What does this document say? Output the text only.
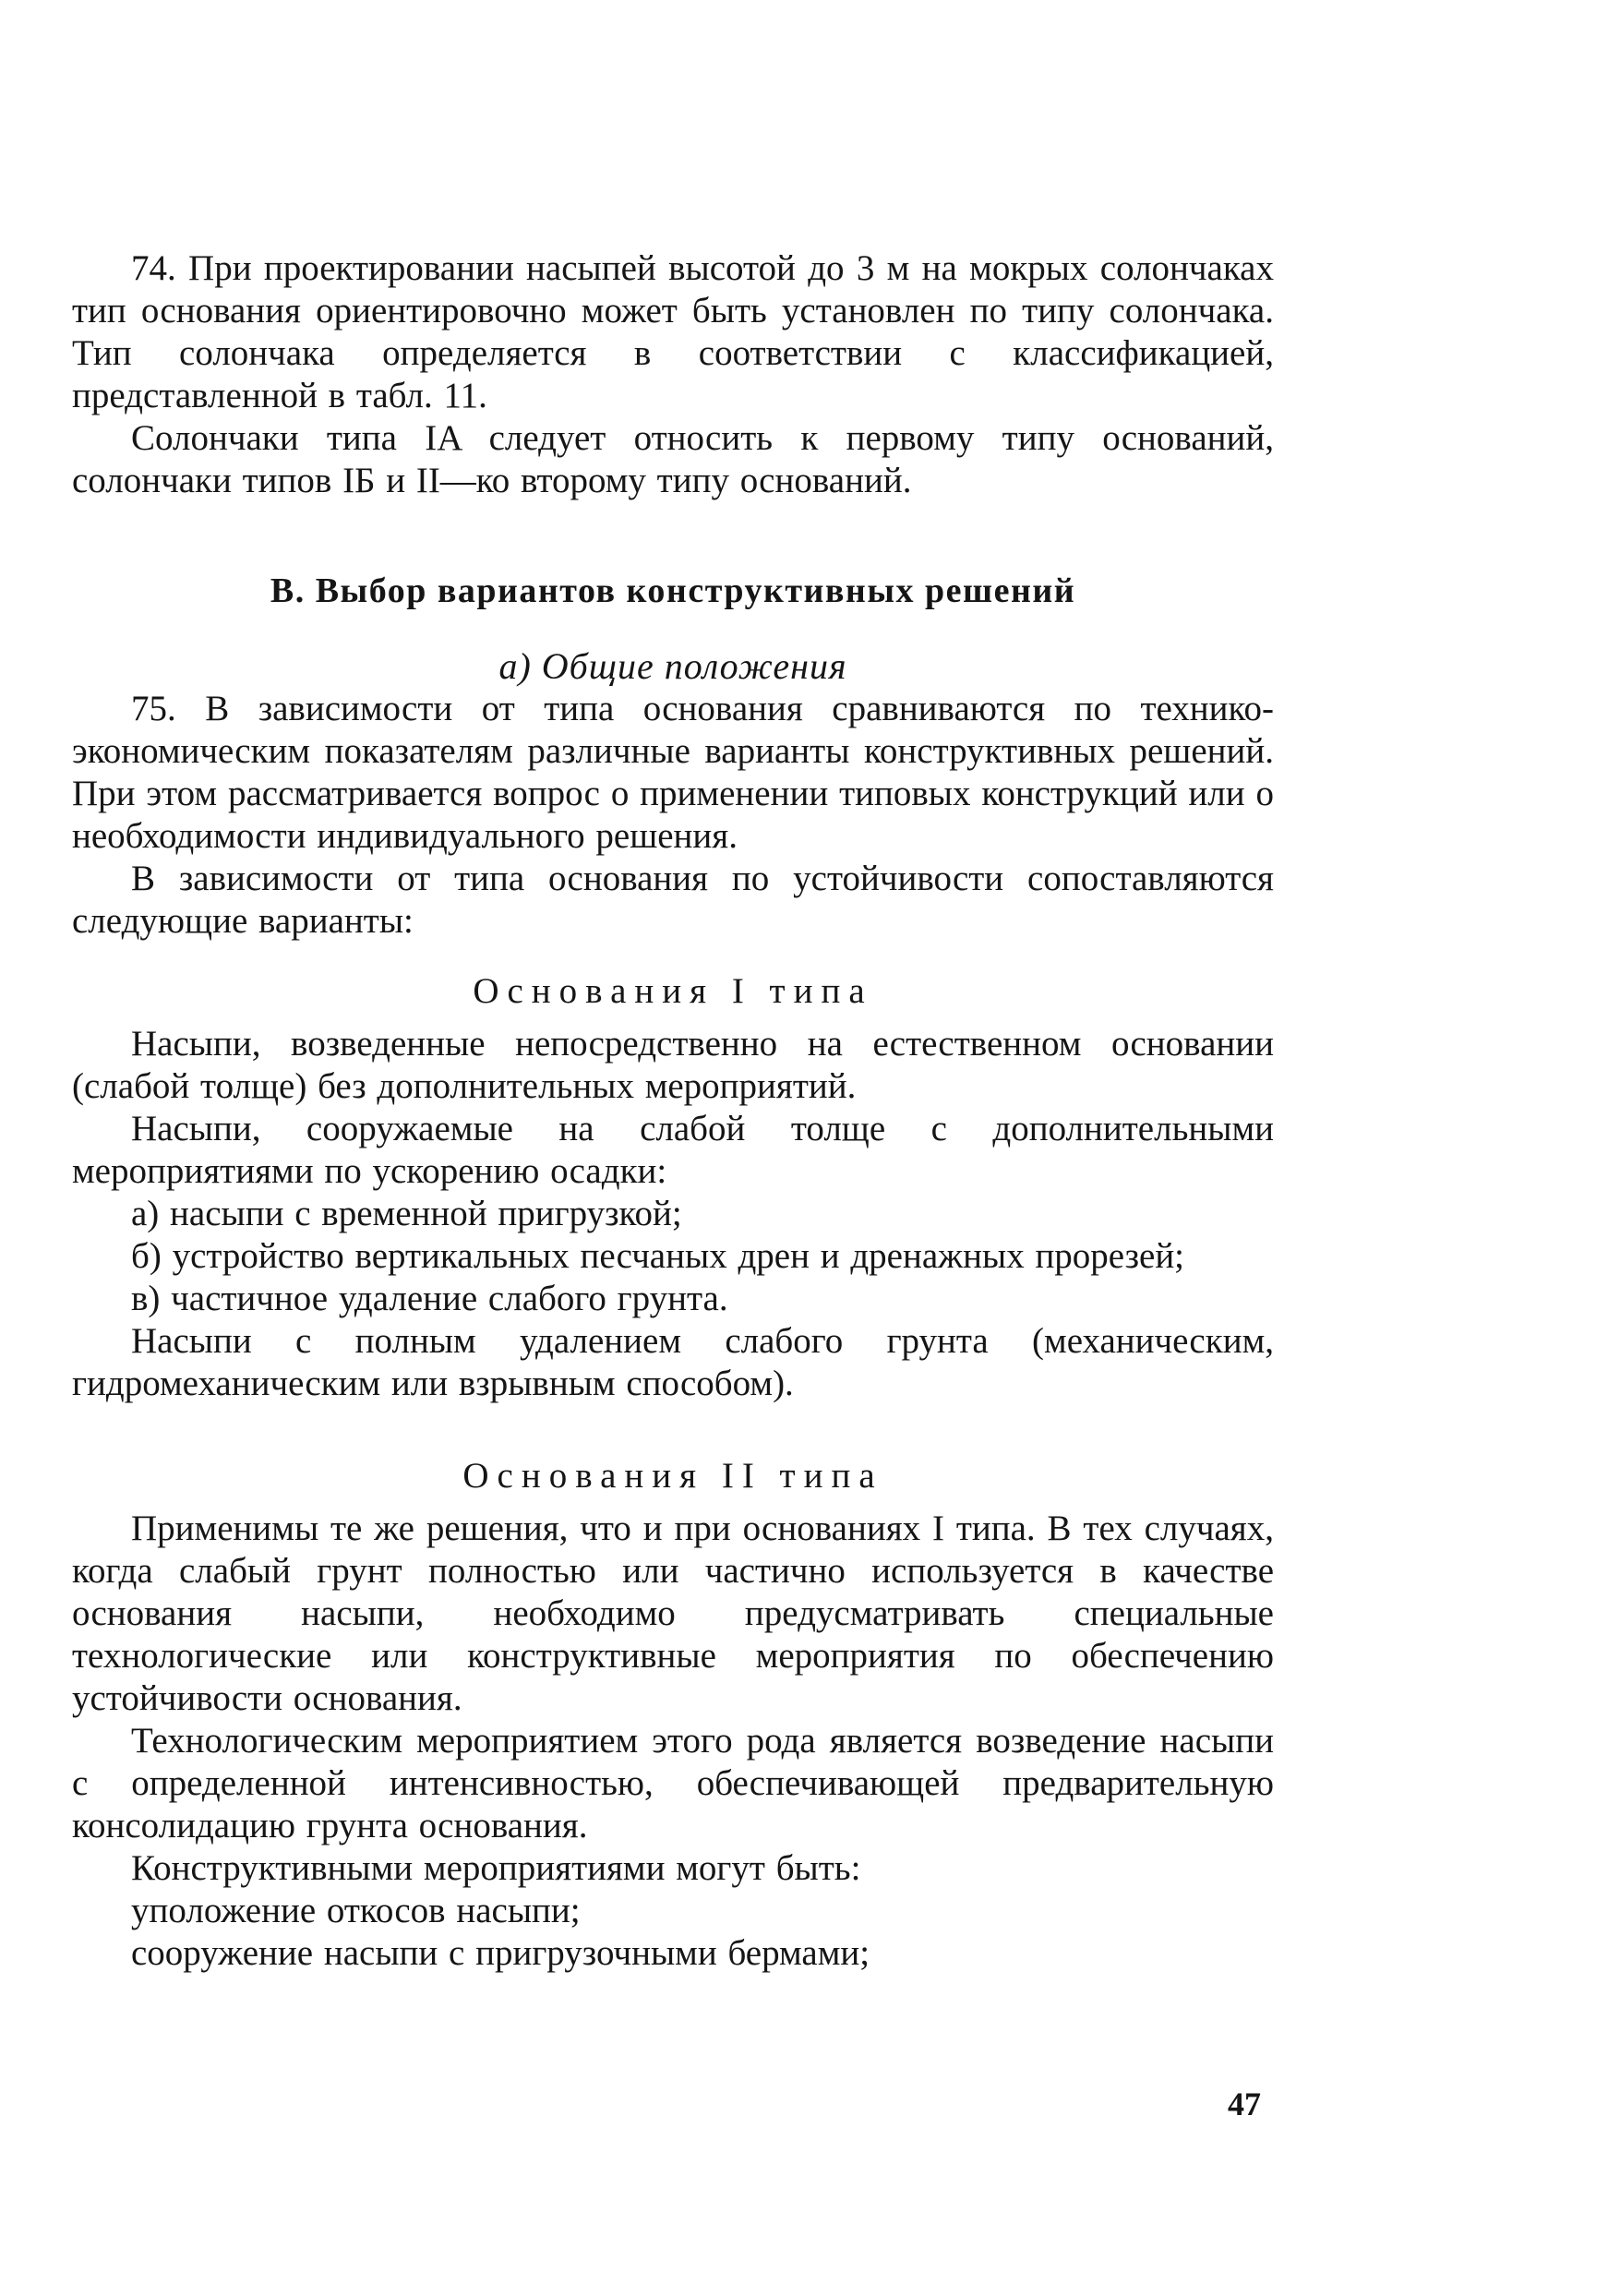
74. При проектировании насыпей высотой до 3 м на мокрых солончаках тип основания ориентировочно может быть установлен по типу солончака. Тип солончака определяется в соответствии с классификацией, представленной в табл. 11.

Солончаки типа IA следует относить к первому типу оснований, солончаки типов IБ и II—ко второму типу оснований.

В. Выбор вариантов конструктивных решений
а) Общие положения

75. В зависимости от типа основания сравниваются по технико-экономическим показателям различные варианты конструктивных решений. При этом рассматривается вопрос о применении типовых конструкций или о необходимости индивидуального решения.

В зависимости от типа основания по устойчивости сопоставляются следующие варианты:

Основания I типа

Насыпи, возведенные непосредственно на естественном основании (слабой толще) без дополнительных мероприятий.

Насыпи, сооружаемые на слабой толще с дополнительными мероприятиями по ускорению осадки:

а) насыпи с временной пригрузкой;

б) устройство вертикальных песчаных дрен и дренажных прорезей;

в) частичное удаление слабого грунта.

Насыпи с полным удалением слабого грунта (механическим, гидромеханическим или взрывным способом).

Основания II типа

Применимы те же решения, что и при основаниях I типа. В тех случаях, когда слабый грунт полностью или частично используется в качестве основания насыпи, необходимо предусматривать специальные технологические или конструктивные мероприятия по обеспечению устойчивости основания.

Технологическим мероприятием этого рода является возведение насыпи с определенной интенсивностью, обеспечивающей предварительную консолидацию грунта основания.

Конструктивными мероприятиями могут быть:

уположение откосов насыпи;

сооружение насыпи с пригрузочными бермами;

47
